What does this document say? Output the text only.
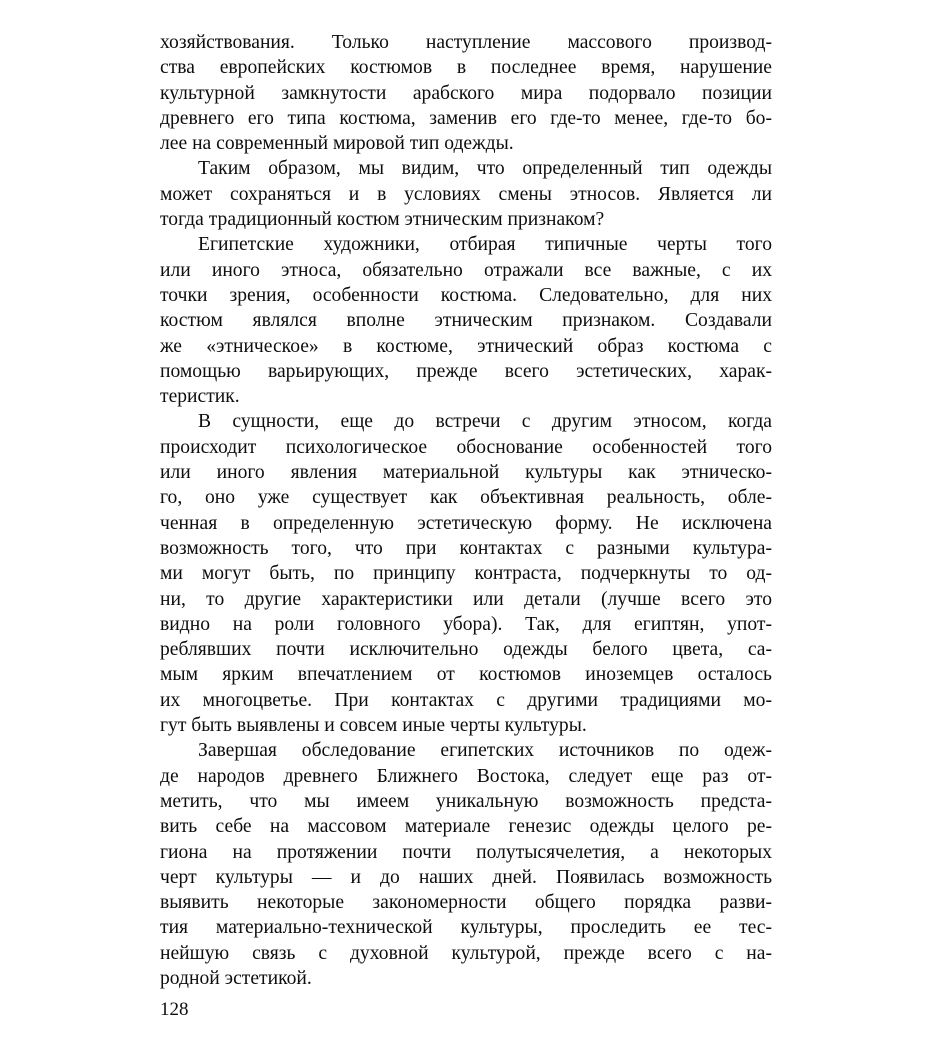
хозяйствования. Только наступление массового производ-
ства европейских костюмов в последнее время, нарушение
культурной замкнутости арабского мира подорвало позиции
древнего его типа костюма, заменив его где-то менее, где-то бо-
лее на современный мировой тип одежды.
Таким образом, мы видим, что определенный тип одежды
может сохраняться и в условиях смены этносов. Является ли
тогда традиционный костюм этническим признаком?
Египетские художники, отбирая типичные черты того
или иного этноса, обязательно отражали все важные, с их
точки зрения, особенности костюма. Следовательно, для них
костюм являлся вполне этническим признаком. Создавали
же «этническое» в костюме, этнический образ костюма с
помощью варьирующих, прежде всего эстетических, харак-
теристик.
В сущности, еще до встречи с другим этносом, когда
происходит психологическое обоснование особенностей того
или иного явления материальной культуры как этническо-
го, оно уже существует как объективная реальность, обле-
ченная в определенную эстетическую форму. Не исключена
возможность того, что при контактах с разными культура-
ми могут быть, по принципу контраста, подчеркнуты то од-
ни, то другие характеристики или детали (лучше всего это
видно на роли головного убора). Так, для египтян, упот-
реблявших почти исключительно одежды белого цвета, са-
мым ярким впечатлением от костюмов иноземцев осталось
их многоцветье. При контактах с другими традициями мо-
гут быть выявлены и совсем иные черты культуры.
Завершая обследование египетских источников по одеж-
де народов древнего Ближнего Востока, следует еще раз от-
метить, что мы имеем уникальную возможность предста-
вить себе на массовом материале генезис одежды целого ре-
гиона на протяжении почти полутысячелетия, а некоторых
черт культуры — и до наших дней. Появилась возможность
выявить некоторые закономерности общего порядка разви-
тия материально-технической культуры, проследить ее тес-
нейшую связь с духовной культурой, прежде всего с на-
родной эстетикой.
128
